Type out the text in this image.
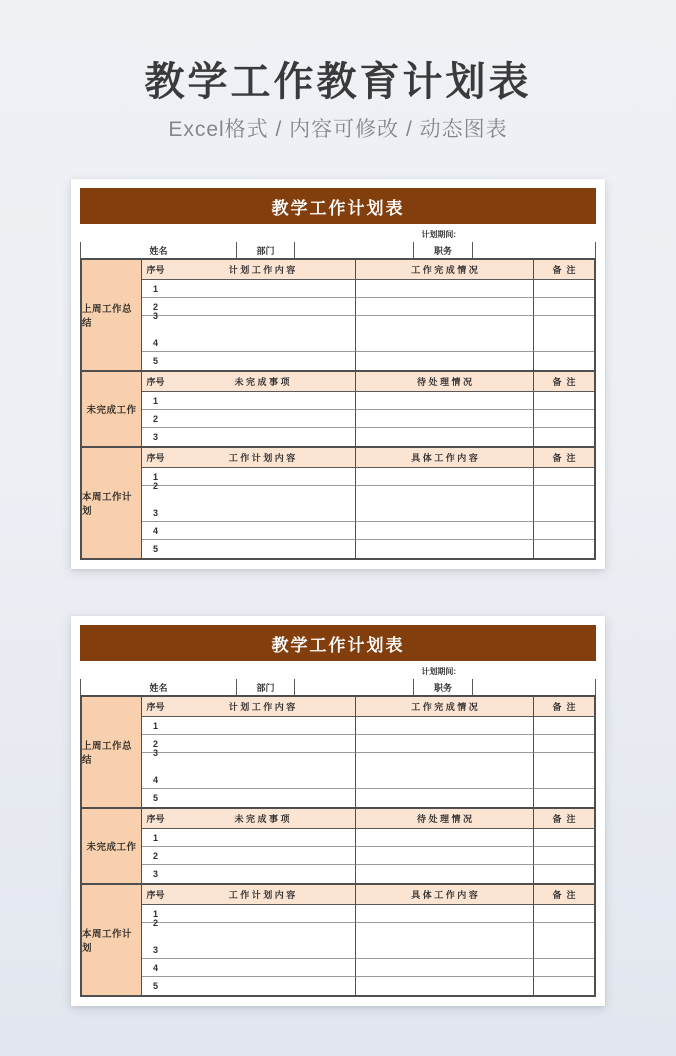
教学工作教育计划表
Excel格式 / 内容可修改 / 动态图表
教学工作计划表
计划期间:
姓名	部门	职务
上周工作总结
序号	计 划 工 作 内 容	工 作 完 成 情 况	备  注
1
2
3
4
5
未完成工作
序号	未 完 成 事 项	待 处 理 情 况	备  注
1
2
3
本周工作计划
序号	工 作 计 划 内 容	具 体 工 作 内 容	备  注
1
2
3
4
5
教学工作计划表
计划期间:
姓名	部门	职务
上周工作总结
序号	计 划 工 作 内 容	工 作 完 成 情 况	备  注
1
2
3
4
5
未完成工作
序号	未 完 成 事 项	待 处 理 情 况	备  注
1
2
3
本周工作计划
序号	工 作 计 划 内 容	具 体 工 作 内 容	备  注
1
2
3
4
5
